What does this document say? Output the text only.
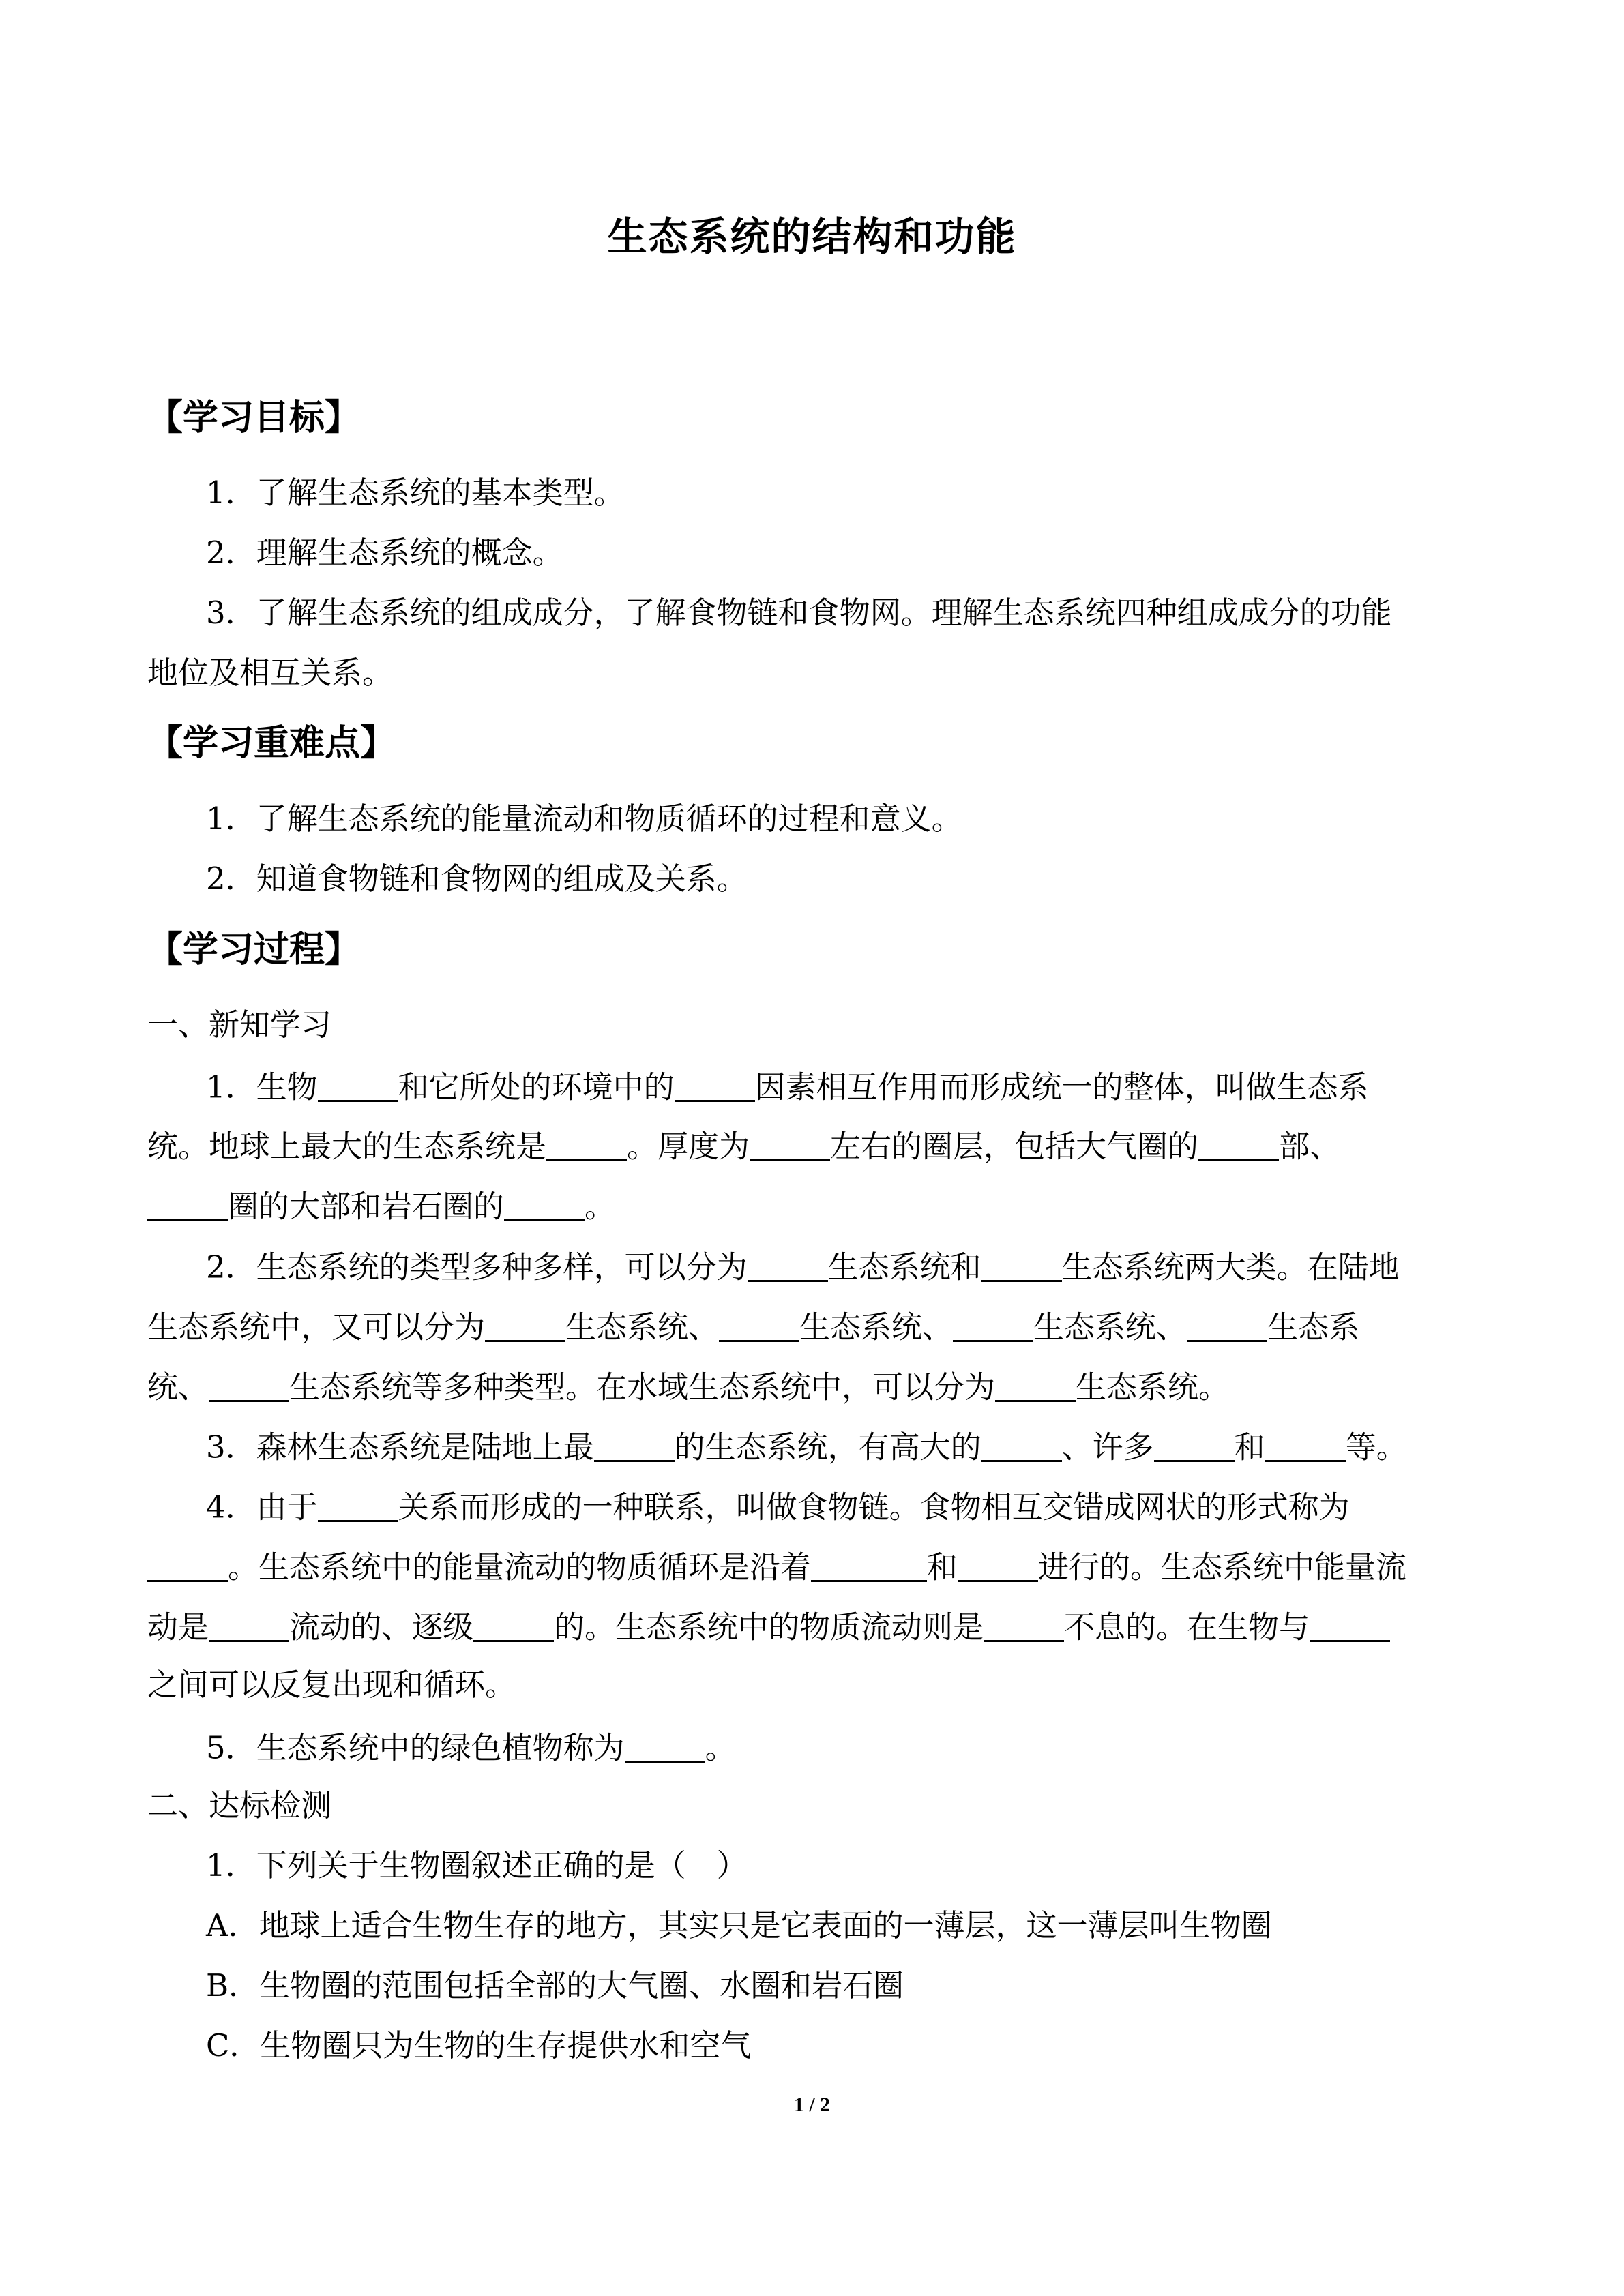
生态系统的结构和功能
【学习目标】
1．了解生态系统的基本类型。
2．理解生态系统的概念。
3．了解生态系统的组成成分，了解食物链和食物网。理解生态系统四种组成成分的功能
地位及相互关系。
【学习重难点】
1．了解生态系统的能量流动和物质循环的过程和意义。
2．知道食物链和食物网的组成及关系。
【学习过程】
一、新知学习
1．生物	和它所处的环境中的	因素相互作用而形成统一的整体，叫做生态系
统。地球上最大的生态系统是	。厚度为	左右的圈层，包括大气圈的	部、
圈的大部和岩石圈的	。
2．生态系统的类型多种多样，可以分为	生态系统和	生态系统两大类。在陆地
生态系统中，又可以分为	生态系统、	生态系统、	生态系统、	生态系
统、	生态系统等多种类型。在水域生态系统中，可以分为	生态系统。
3．森林生态系统是陆地上最	的生态系统，有高大的	、许多	和	等。
4．由于	关系而形成的一种联系，叫做食物链。食物相互交错成网状的形式称为
。生态系统中的能量流动的物质循环是沿着	和	进行的。生态系统中能量流
动是	流动的、逐级	的。生态系统中的物质流动则是	不息的。在生物与
之间可以反复出现和循环。
5．生态系统中的绿色植物称为	。
二、达标检测
1．下列关于生物圈叙述正确的是（　）
A．地球上适合生物生存的地方，其实只是它表面的一薄层，这一薄层叫生物圈
B．生物圈的范围包括全部的大气圈、水圈和岩石圈
C．生物圈只为生物的生存提供水和空气
1 / 2
